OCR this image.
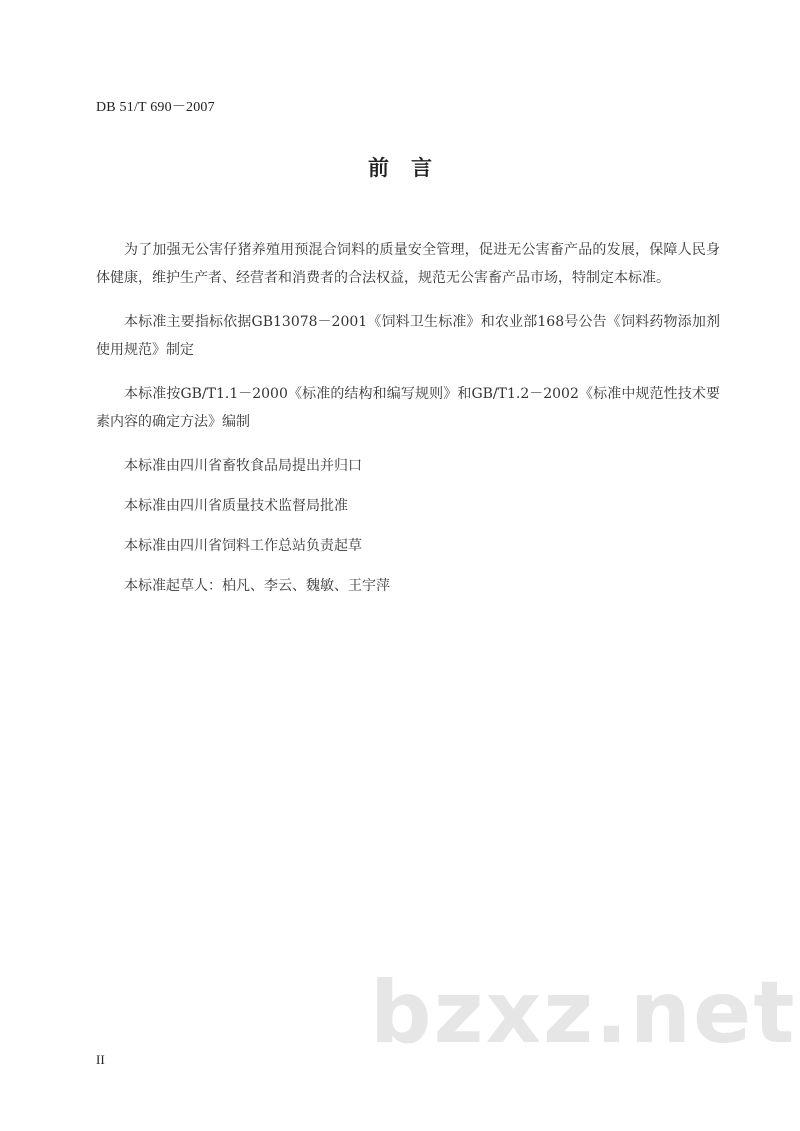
DB 51/T 690－2007
前言

为了加强无公害仔猪养殖用预混合饲料的质量安全管理，促进无公害畜产品的发展，保障人民身体健康，维护生产者、经营者和消费者的合法权益，规范无公害畜产品市场，特制定本标准。

本标准主要指标依据GB13078－2001《饲料卫生标准》和农业部168号公告《饲料药物添加剂使用规范》制定

本标准按GB/T1.1－2000《标准的结构和编写规则》和GB/T1.2－2002《标准中规范性技术要素内容的确定方法》编制

本标准由四川省畜牧食品局提出并归口

本标准由四川省质量技术监督局批准

本标准由四川省饲料工作总站负责起草

本标准起草人：柏凡、李云、魏敏、王宇萍

bzxz.net
II
